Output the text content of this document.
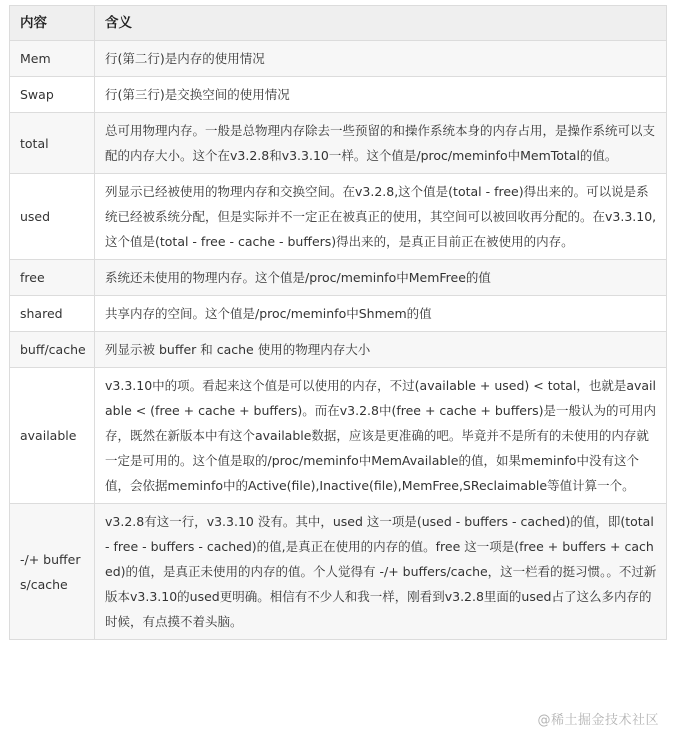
内容	含义
Mem	行(第二行)是内存的使用情况
Swap	行(第三行)是交换空间的使用情况
total	总可用物理内存。一般是总物理内存除去一些预留的和操作系统本身的内存占用，是操作系统可以支配的内存大小。这个在v3.2.8和v3.3.10一样。这个值是/proc/meminfo中MemTotal的值。
used	列显示已经被使用的物理内存和交换空间。在v3.2.8,这个值是(total - free)得出来的。可以说是系统已经被系统分配，但是实际并不一定正在被真正的使用，其空间可以被回收再分配的。在v3.3.10,这个值是(total - free - cache - buffers)得出来的，是真正目前正在被使用的内存。
free	系统还未使用的物理内存。这个值是/proc/meminfo中MemFree的值
shared	共享内存的空间。这个值是/proc/meminfo中Shmem的值
buff/cache	列显示被 buffer 和 cache 使用的物理内存大小
available	v3.3.10中的项。看起来这个值是可以使用的内存，不过(available + used) < total，也就是available < (free + cache + buffers)。而在v3.2.8中(free + cache + buffers)是一般认为的可用内存，既然在新版本中有这个available数据，应该是更准确的吧。毕竟并不是所有的未使用的内存就一定是可用的。这个值是取的/proc/meminfo中MemAvailable的值，如果meminfo中没有这个值，会依据meminfo中的Active(file),Inactive(file),MemFree,SReclaimable等值计算一个。
-/+ buffers/cache	v3.2.8有这一行，v3.3.10 没有。其中，used 这一项是(used - buffers - cached)的值，即(total - free - buffers - cached)的值,是真正在使用的内存的值。free 这一项是(free + buffers + cached)的值，是真正未使用的内存的值。个人觉得有 -/+ buffers/cache，这一栏看的挺习惯。。不过新版本v3.3.10的used更明确。相信有不少人和我一样，刚看到v3.2.8里面的used占了这么多内存的时候，有点摸不着头脑。
@稀土掘金技术社区
